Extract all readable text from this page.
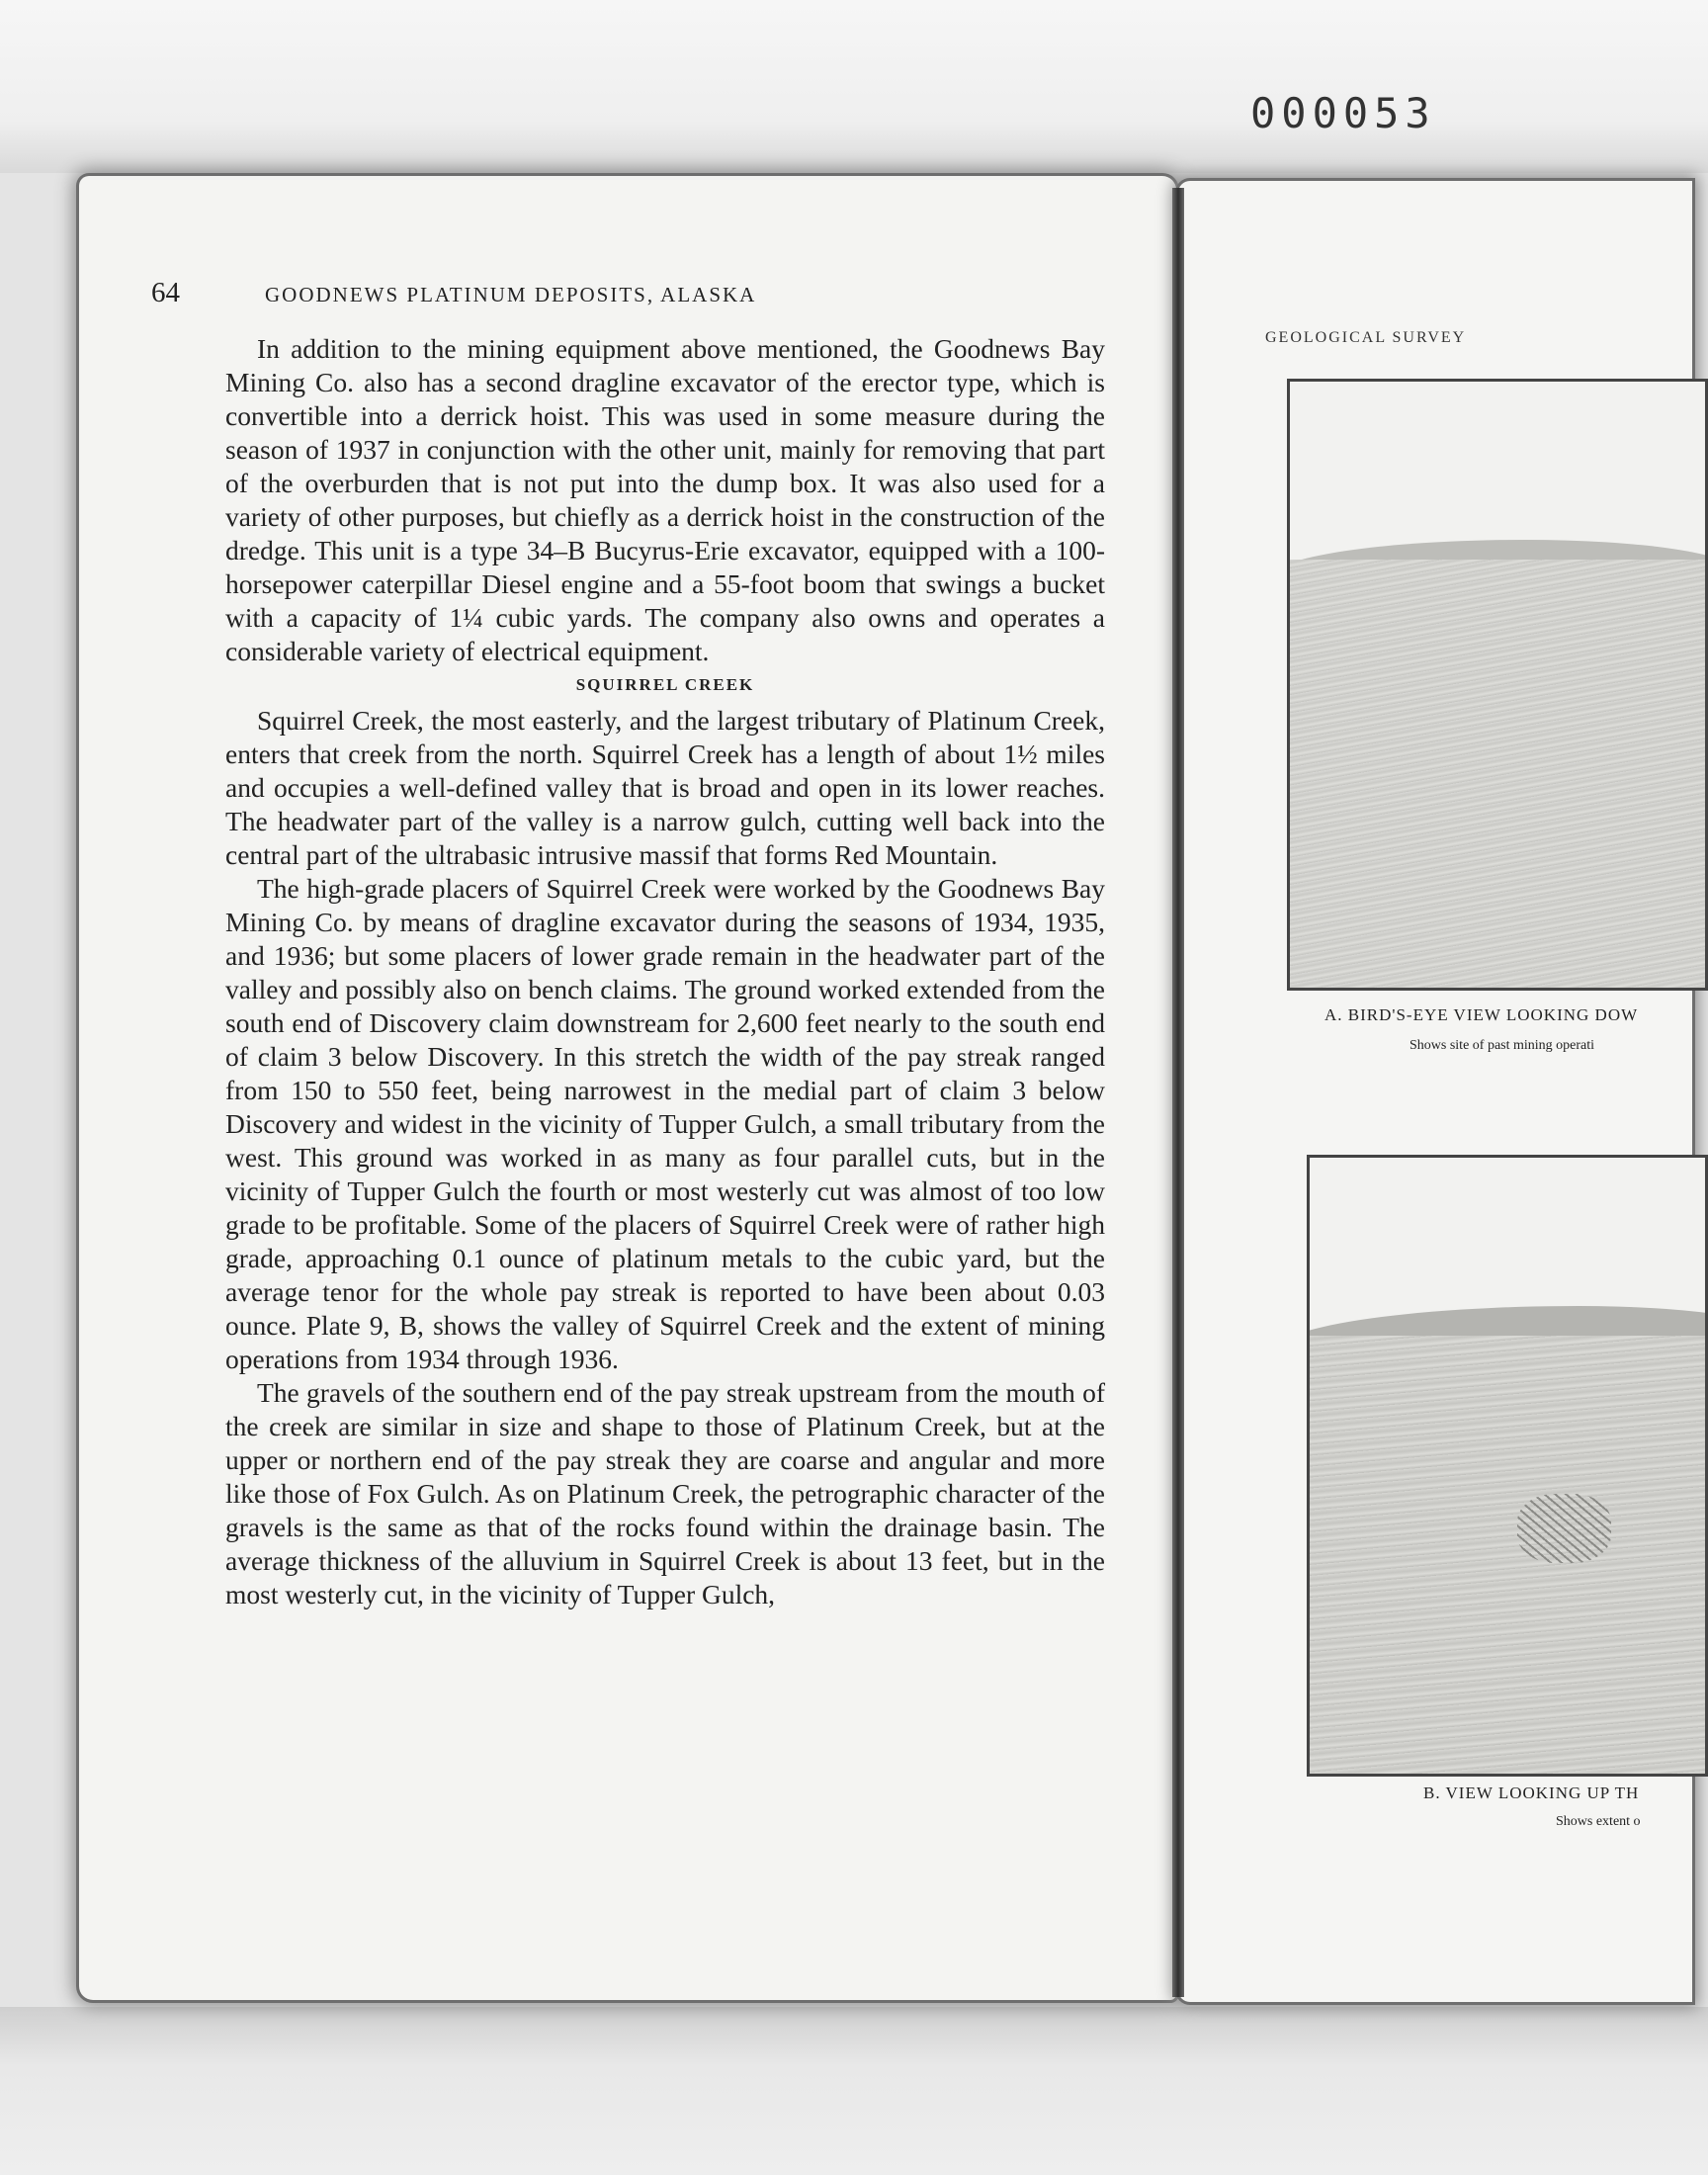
000053
64	GOODNEWS PLATINUM DEPOSITS, ALASKA

In addition to the mining equipment above mentioned, the Goodnews Bay Mining Co. also has a second dragline excavator of the erector type, which is convertible into a derrick hoist. This was used in some measure during the season of 1937 in conjunction with the other unit, mainly for removing that part of the overburden that is not put into the dump box. It was also used for a variety of other purposes, but chiefly as a derrick hoist in the construction of the dredge. This unit is a type 34–B Bucyrus-Erie excavator, equipped with a 100-horsepower caterpillar Diesel engine and a 55-foot boom that swings a bucket with a capacity of 1¼ cubic yards. The company also owns and operates a considerable variety of electrical equipment.

SQUIRREL CREEK

Squirrel Creek, the most easterly, and the largest tributary of Platinum Creek, enters that creek from the north. Squirrel Creek has a length of about 1½ miles and occupies a well-defined valley that is broad and open in its lower reaches. The headwater part of the valley is a narrow gulch, cutting well back into the central part of the ultrabasic intrusive massif that forms Red Mountain.

The high-grade placers of Squirrel Creek were worked by the Goodnews Bay Mining Co. by means of dragline excavator during the seasons of 1934, 1935, and 1936; but some placers of lower grade remain in the headwater part of the valley and possibly also on bench claims. The ground worked extended from the south end of Discovery claim downstream for 2,600 feet nearly to the south end of claim 3 below Discovery. In this stretch the width of the pay streak ranged from 150 to 550 feet, being narrowest in the medial part of claim 3 below Discovery and widest in the vicinity of Tupper Gulch, a small tributary from the west. This ground was worked in as many as four parallel cuts, but in the vicinity of Tupper Gulch the fourth or most westerly cut was almost of too low grade to be profitable. Some of the placers of Squirrel Creek were of rather high grade, approaching 0.1 ounce of platinum metals to the cubic yard, but the average tenor for the whole pay streak is reported to have been about 0.03 ounce. Plate 9, B, shows the valley of Squirrel Creek and the extent of mining operations from 1934 through 1936.

The gravels of the southern end of the pay streak upstream from the mouth of the creek are similar in size and shape to those of Platinum Creek, but at the upper or northern end of the pay streak they are coarse and angular and more like those of Fox Gulch. As on Platinum Creek, the petrographic character of the gravels is the same as that of the rocks found within the drainage basin. The average thickness of the alluvium in Squirrel Creek is about 13 feet, but in the most westerly cut, in the vicinity of Tupper Gulch,

GEOLOGICAL SURVEY
A. BIRD'S-EYE VIEW LOOKING DOW
Shows site of past mining operati
B. VIEW LOOKING UP TH
Shows extent o
